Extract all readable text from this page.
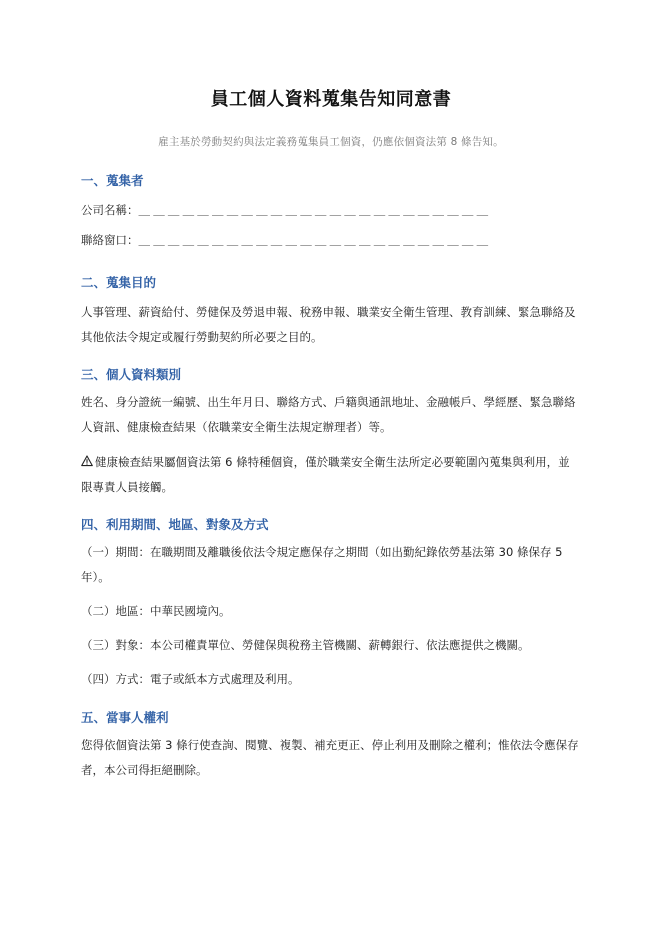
員工個人資料蒐集告知同意書
雇主基於勞動契約與法定義務蒐集員工個資，仍應依個資法第 8 條告知。
一、蒐集者
公司名稱：＿＿＿＿＿＿＿＿＿＿＿＿＿＿＿＿＿＿＿＿＿＿＿＿
聯絡窗口：＿＿＿＿＿＿＿＿＿＿＿＿＿＿＿＿＿＿＿＿＿＿＿＿
二、蒐集目的

人事管理、薪資給付、勞健保及勞退申報、稅務申報、職業安全衛生管理、教育訓練、緊急聯絡及其他依法令規定或履行勞動契約所必要之目的。

三、個人資料類別

姓名、身分證統一編號、出生年月日、聯絡方式、戶籍與通訊地址、金融帳戶、學經歷、緊急聯絡人資訊、健康檢查結果（依職業安全衛生法規定辦理者）等。

健康檢查結果屬個資法第 6 條特種個資，僅於職業安全衛生法所定必要範圍內蒐集與利用，並限專責人員接觸。

四、利用期間、地區、對象及方式

（一）期間：在職期間及離職後依法令規定應保存之期間（如出勤紀錄依勞基法第 30 條保存 5 年）。

（二）地區：中華民國境內。

（三）對象：本公司權責單位、勞健保與稅務主管機關、薪轉銀行、依法應提供之機關。

（四）方式：電子或紙本方式處理及利用。

五、當事人權利

您得依個資法第 3 條行使查詢、閱覽、複製、補充更正、停止利用及刪除之權利；惟依法令應保存者，本公司得拒絕刪除。
